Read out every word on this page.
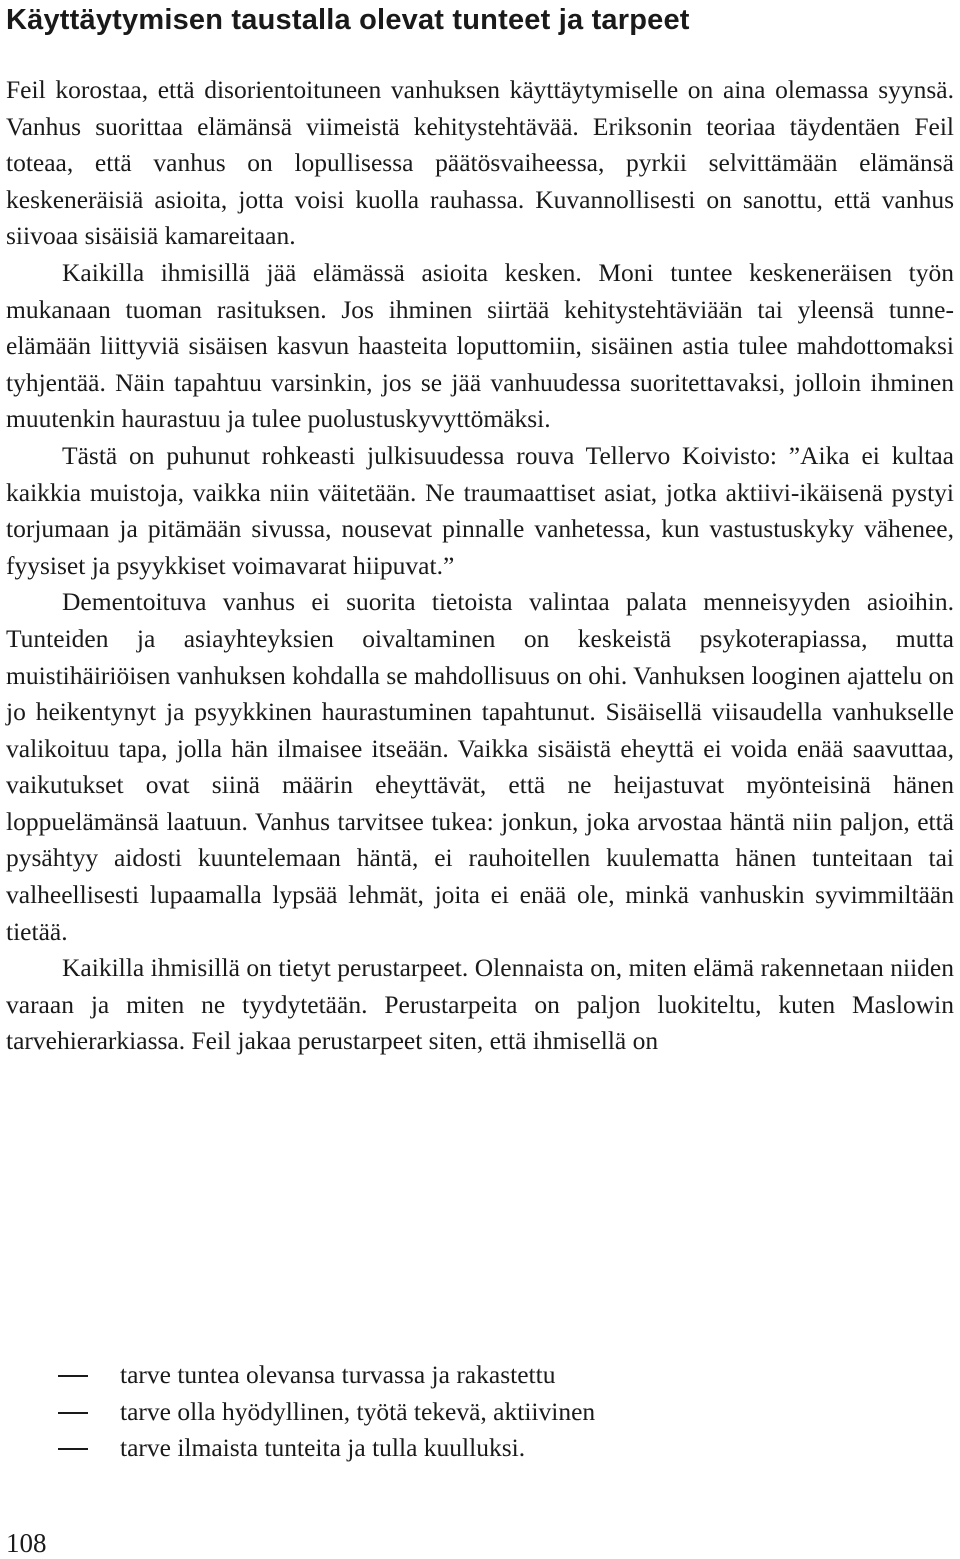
Käyttäytymisen taustalla olevat tunteet ja tarpeet

Feil korostaa, että disorientoituneen vanhuksen käyttäytymiselle on aina olemassa syynsä. Vanhus suorittaa elämänsä viimeistä kehitystehtävää. Eriksonin teoriaa täydentäen Feil toteaa, että vanhus on lopullisessa päätösvaiheessa, pyrkii selvittämään elämänsä keskeneräisiä asioita, jotta voisi kuolla rauhassa. Kuvannollisesti on sanottu, että vanhus siivoaa sisäisiä kamareitaan.

Kaikilla ihmisillä jää elämässä asioita kesken. Moni tuntee keskeneräisen työn mukanaan tuoman rasituksen. Jos ihminen siirtää kehitystehtäviään tai yleensä tunne-elämään liittyviä sisäisen kasvun haasteita loputtomiin, sisäinen astia tulee mahdottomaksi tyhjentää. Näin tapahtuu varsinkin, jos se jää vanhuudessa suoritettavaksi, jolloin ihminen muutenkin haurastuu ja tulee puolustuskyvyttömäksi.

Tästä on puhunut rohkeasti julkisuudessa rouva Tellervo Koivisto: ”Aika ei kultaa kaikkia muistoja, vaikka niin väitetään. Ne traumaattiset asiat, jotka aktiivi-ikäisenä pystyi torjumaan ja pitämään sivussa, nousevat pinnalle vanhetessa, kun vastustuskyky vähenee, fyysiset ja psyykkiset voimavarat hiipuvat.”

Dementoituva vanhus ei suorita tietoista valintaa palata menneisyyden asioihin. Tunteiden ja asiayhteyksien oivaltaminen on keskeistä psykoterapiassa, mutta muistihäiriöisen vanhuksen kohdalla se mahdollisuus on ohi. Vanhuksen looginen ajattelu on jo heikentynyt ja psyykkinen haurastuminen tapahtunut. Sisäisellä viisaudella vanhukselle valikoituu tapa, jolla hän ilmaisee itseään. Vaikka sisäistä eheyttä ei voida enää saavuttaa, vaikutukset ovat siinä määrin eheyttävät, että ne heijastuvat myönteisinä hänen loppuelämänsä laatuun. Vanhus tarvitsee tukea: jonkun, joka arvostaa häntä niin paljon, että pysähtyy aidosti kuuntelemaan häntä, ei rauhoitellen kuulematta hänen tunteitaan tai valheellisesti lupaamalla lypsää lehmät, joita ei enää ole, minkä vanhuskin syvimmiltään tietää.

Kaikilla ihmisillä on tietyt perustarpeet. Olennaista on, miten elämä rakennetaan niiden varaan ja miten ne tyydytetään. Perustarpeita on paljon luokiteltu, kuten Maslowin tarvehierarkiassa. Feil jakaa perustarpeet siten, että ihmisellä on

tarve tuntea olevansa turvassa ja rakastettu
tarve olla hyödyllinen, työtä tekevä, aktiivinen
tarve ilmaista tunteita ja tulla kuulluksi.
108
